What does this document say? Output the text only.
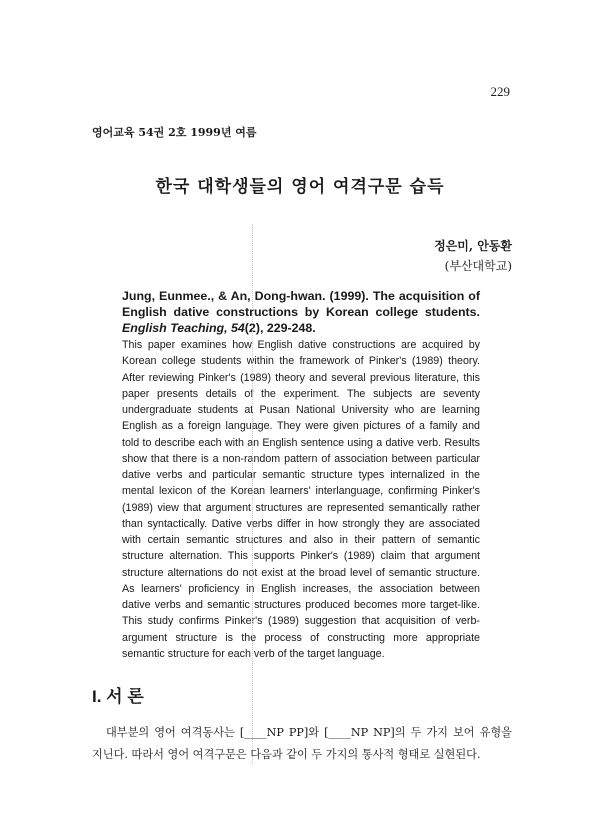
229
영어교육 54권 2호 1999년 여름
한국 대학생들의 영어 여격구문 습득
정은미, 안동환
(부산대학교)
Jung, Eunmee., & An, Dong-hwan. (1999). The acquisition of English dative constructions by Korean college students. English Teaching, 54(2), 229-248.
This paper examines how English dative constructions are acquired by Korean college students within the framework of Pinker's (1989) theory. After reviewing Pinker's (1989) theory and several previous literature, this paper presents details of the experiment. The subjects are seventy undergraduate students at Pusan National University who are learning English as a foreign language. They were given pictures of a family and told to describe each with an English sentence using a dative verb. Results show that there is a non-random pattern of association between particular dative verbs and particular semantic structure types internalized in the mental lexicon of the Korean learners' interlanguage, confirming Pinker's (1989) view that argument structures are represented semantically rather than syntactically. Dative verbs differ in how strongly they are associated with certain semantic structures and also in their pattern of semantic structure alternation. This supports Pinker's (1989) claim that argument structure alternations do not exist at the broad level of semantic structure. As learners' proficiency in English increases, the association between dative verbs and semantic structures produced becomes more target-like. This study confirms Pinker's (1989) suggestion that acquisition of verb-argument structure is the process of constructing more appropriate semantic structure for each verb of the target language.
I. 서 론

대부분의 영어 여격동사는 [____NP PP]와 [____NP NP]의 두 가지 보어 유형을 지닌다. 따라서 영어 여격구문은 다음과 같이 두 가지의 통사적 형태로 실현된다.
